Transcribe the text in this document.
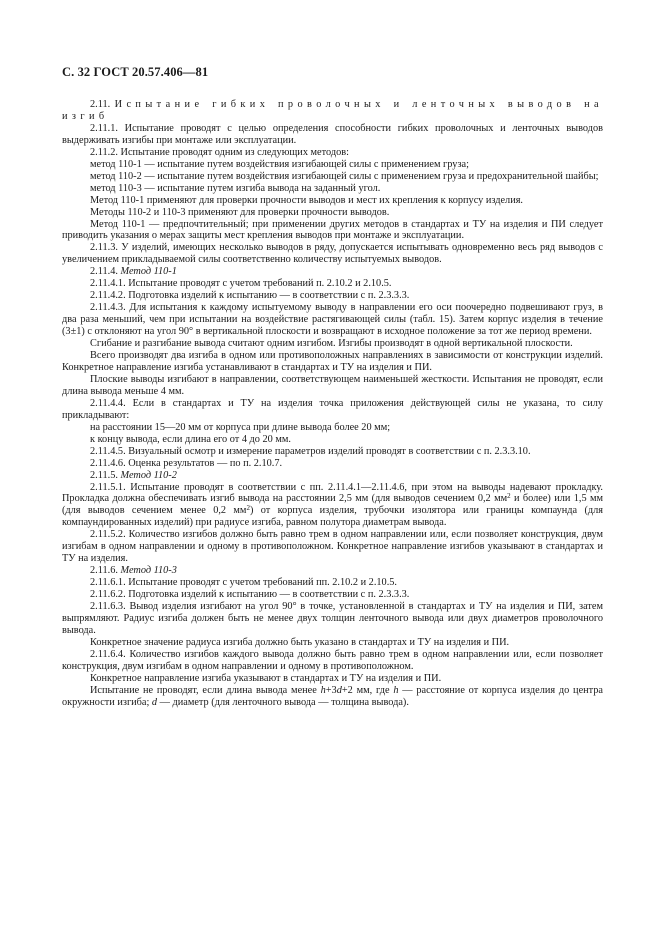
С. 32 ГОСТ 20.57.406—81

2.11. Испытание гибких проволочных и ленточных выводов на изгиб

2.11.1. Испытание проводят с целью определения способности гибких проволочных и ленточных выводов выдерживать изгибы при монтаже или эксплуатации.

2.11.2. Испытание проводят одним из следующих методов:

метод 110-1 — испытание путем воздействия изгибающей силы с применением груза;

метод 110-2 — испытание путем воздействия изгибающей силы с применением груза и предохранительной шайбы;

метод 110-3 — испытание путем изгиба вывода на заданный угол.

Метод 110-1 применяют для проверки прочности выводов и мест их крепления к корпусу изделия.

Методы 110-2 и 110-3 применяют для проверки прочности выводов.

Метод 110-1 — предпочтительный; при применении других методов в стандартах и ТУ на изделия и ПИ следует приводить указания о мерах защиты мест крепления выводов при монтаже и эксплуатации.

2.11.3. У изделий, имеющих несколько выводов в ряду, допускается испытывать одновременно весь ряд выводов с увеличением прикладываемой силы соответственно количеству испытуемых выводов.

2.11.4. Метод 110-1

2.11.4.1. Испытание проводят с учетом требований п. 2.10.2 и 2.10.5.

2.11.4.2. Подготовка изделий к испытанию — в соответствии с п. 2.3.3.3.

2.11.4.3. Для испытания к каждому испытуемому выводу в направлении его оси поочередно подвешивают груз, в два раза меньший, чем при испытании на воздействие растягивающей силы (табл. 15). Затем корпус изделия в течение (3±1) с отклоняют на угол 90° в вертикальной плоскости и возвращают в исходное положение за тот же период времени.

Сгибание и разгибание вывода считают одним изгибом. Изгибы производят в одной вертикальной плоскости.

Всего производят два изгиба в одном или противоположных направлениях в зависимости от конструкции изделий. Конкретное направление изгиба устанавливают в стандартах и ТУ на изделия и ПИ.

Плоские выводы изгибают в направлении, соответствующем наименьшей жесткости. Испытания не проводят, если длина вывода меньше 4 мм.

2.11.4.4. Если в стандартах и ТУ на изделия точка приложения действующей силы не указана, то силу прикладывают:

на расстоянии 15—20 мм от корпуса при длине вывода более 20 мм;

к концу вывода, если длина его от 4 до 20 мм.

2.11.4.5. Визуальный осмотр и измерение параметров изделий проводят в соответствии с п. 2.3.3.10.

2.11.4.6. Оценка результатов — по п. 2.10.7.

2.11.5. Метод 110-2

2.11.5.1. Испытание проводят в соответствии с пп. 2.11.4.1—2.11.4.6, при этом на выводы надевают прокладку. Прокладка должна обеспечивать изгиб вывода на расстоянии 2,5 мм (для выводов сечением 0,2 $мм^2$ и более) или 1,5 мм (для выводов сечением менее 0,2 $мм^2$) от корпуса изделия, трубочки изолятора или границы компаунда (для компаундированных изделий) при радиусе изгиба, равном полутора диаметрам вывода.

2.11.5.2. Количество изгибов должно быть равно трем в одном направлении или, если позволяет конструкция, двум изгибам в одном направлении и одному в противоположном. Конкретное направление изгибов указывают в стандартах и ТУ на изделия.

2.11.6. Метод 110-3

2.11.6.1. Испытание проводят с учетом требований пп. 2.10.2 и 2.10.5.

2.11.6.2. Подготовка изделий к испытанию — в соответствии с п. 2.3.3.3.

2.11.6.3. Вывод изделия изгибают на угол 90° в точке, установленной в стандартах и ТУ на изделия и ПИ, затем выпрямляют. Радиус изгиба должен быть не менее двух толщин ленточного вывода или двух диаметров проволочного вывода.

Конкретное значение радиуса изгиба должно быть указано в стандартах и ТУ на изделия и ПИ.

2.11.6.4. Количество изгибов каждого вывода должно быть равно трем в одном направлении или, если позволяет конструкция, двум изгибам в одном направлении и одному в противоположном.

Конкретное направление изгиба указывают в стандартах и ТУ на изделия и ПИ.

Испытание не проводят, если длина вывода менее h+3d+2 мм, где h — расстояние от корпуса изделия до центра окружности изгиба; d — диаметр (для ленточного вывода — толщина вывода).
